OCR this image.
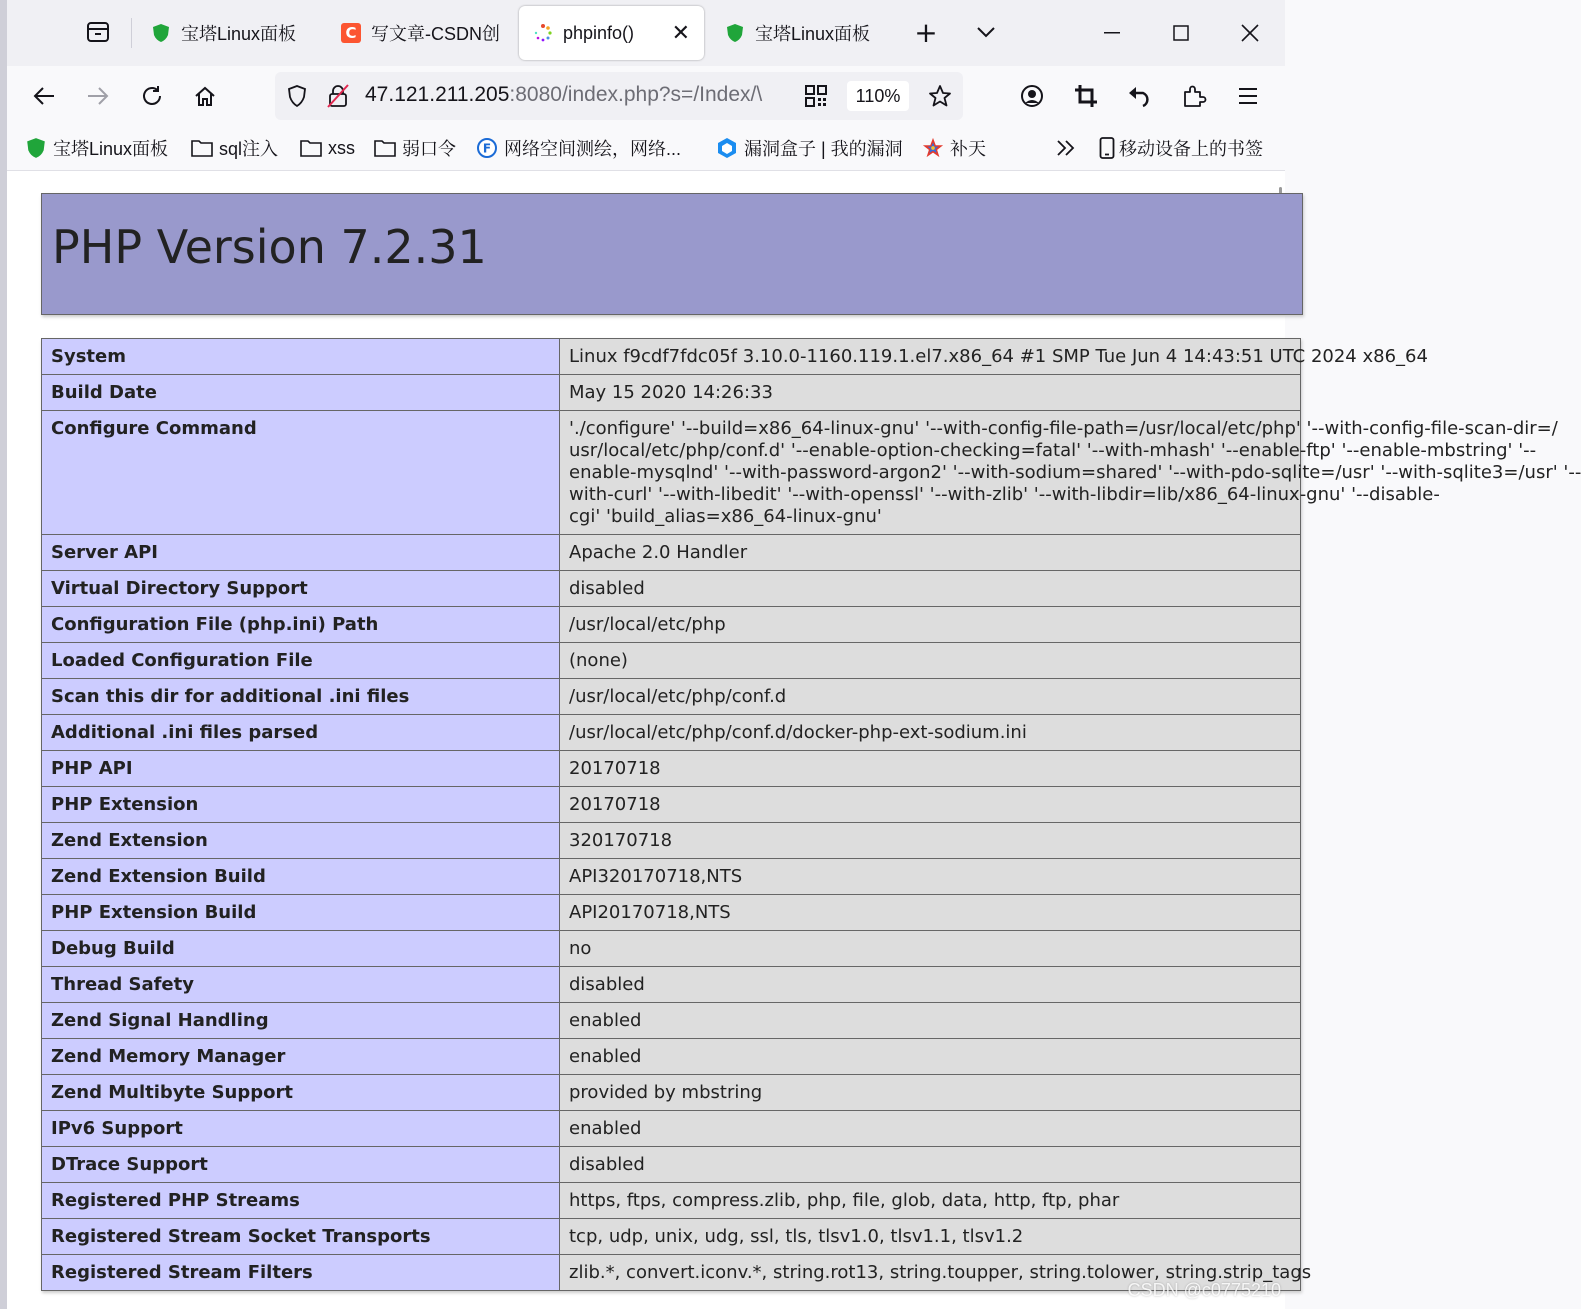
宝塔Linux面板	C 写文章-CSDN创	phpinfo() ✕	宝塔Linux面板 +
47.121.211.205:8080/index.php?s=/Index/\	110%
宝塔Linux面板	sql注入	xss	弱口令 F 网络空间测绘，网络...	漏洞盒子 | 我的漏洞	补天	移动设备上的书签
PHP Version 7.2.31
System	Linux f9cdf7fdc05f 3.10.0-1160.119.1.el7.x86_64 #1 SMP Tue Jun 4 14:43:51 UTC 2024 x86_64
Build Date	May 15 2020 14:26:33
Configure Command	'./configure' '--build=x86_64-linux-gnu' '--with-config-file-path=/usr/local/etc/php' '--with-config-file-scan-dir=/
usr/local/etc/php/conf.d' '--enable-option-checking=fatal' '--with-mhash' '--enable-ftp' '--enable-mbstring' '--
enable-mysqlnd' '--with-password-argon2' '--with-sodium=shared' '--with-pdo-sqlite=/usr' '--with-sqlite3=/usr' '--
with-curl' '--with-libedit' '--with-openssl' '--with-zlib' '--with-libdir=lib/x86_64-linux-gnu' '--disable-
cgi' 'build_alias=x86_64-linux-gnu'

Server API	Apache 2.0 Handler
Virtual Directory Support	disabled
Configuration File (php.ini) Path	/usr/local/etc/php
Loaded Configuration File	(none)
Scan this dir for additional .ini files	/usr/local/etc/php/conf.d
Additional .ini files parsed	/usr/local/etc/php/conf.d/docker-php-ext-sodium.ini
PHP API	20170718
PHP Extension	20170718
Zend Extension	320170718
Zend Extension Build	API320170718,NTS
PHP Extension Build	API20170718,NTS
Debug Build	no
Thread Safety	disabled
Zend Signal Handling	enabled
Zend Memory Manager	enabled
Zend Multibyte Support	provided by mbstring
IPv6 Support	enabled
DTrace Support	disabled
Registered PHP Streams	https, ftps, compress.zlib, php, file, glob, data, http, ftp, phar
Registered Stream Socket Transports	tcp, udp, unix, udg, ssl, tls, tlsv1.0, tlsv1.1, tlsv1.2
Registered Stream Filters	zlib.*, convert.iconv.*, string.rot13, string.toupper, string.tolower, string.strip_tags
CSDN @c0775210
